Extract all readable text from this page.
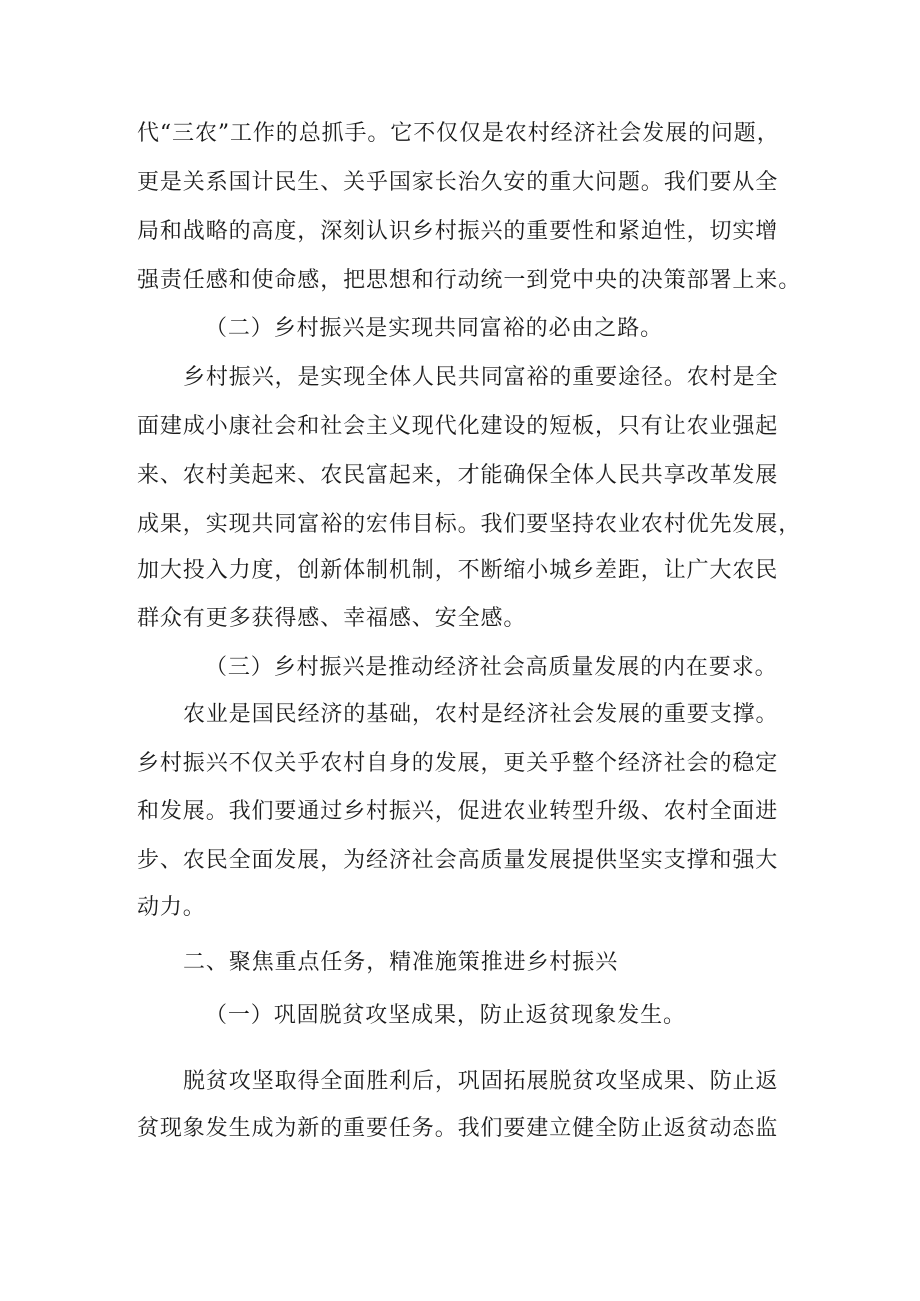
代“三农”工作的总抓手。它不仅仅是农村经济社会发展的问题，
更是关系国计民生、关乎国家长治久安的重大问题。我们要从全
局和战略的高度，深刻认识乡村振兴的重要性和紧迫性，切实增
强责任感和使命感，把思想和行动统一到党中央的决策部署上来。
（二）乡村振兴是实现共同富裕的必由之路。
乡村振兴，是实现全体人民共同富裕的重要途径。农村是全
面建成小康社会和社会主义现代化建设的短板，只有让农业强起
来、农村美起来、农民富起来，才能确保全体人民共享改革发展
成果，实现共同富裕的宏伟目标。我们要坚持农业农村优先发展，
加大投入力度，创新体制机制，不断缩小城乡差距，让广大农民
群众有更多获得感、幸福感、安全感。
（三）乡村振兴是推动经济社会高质量发展的内在要求。
农业是国民经济的基础，农村是经济社会发展的重要支撑。
乡村振兴不仅关乎农村自身的发展，更关乎整个经济社会的稳定
和发展。我们要通过乡村振兴，促进农业转型升级、农村全面进
步、农民全面发展，为经济社会高质量发展提供坚实支撑和强大
动力。
二、聚焦重点任务，精准施策推进乡村振兴
（一）巩固脱贫攻坚成果，防止返贫现象发生。
脱贫攻坚取得全面胜利后，巩固拓展脱贫攻坚成果、防止返
贫现象发生成为新的重要任务。我们要建立健全防止返贫动态监
